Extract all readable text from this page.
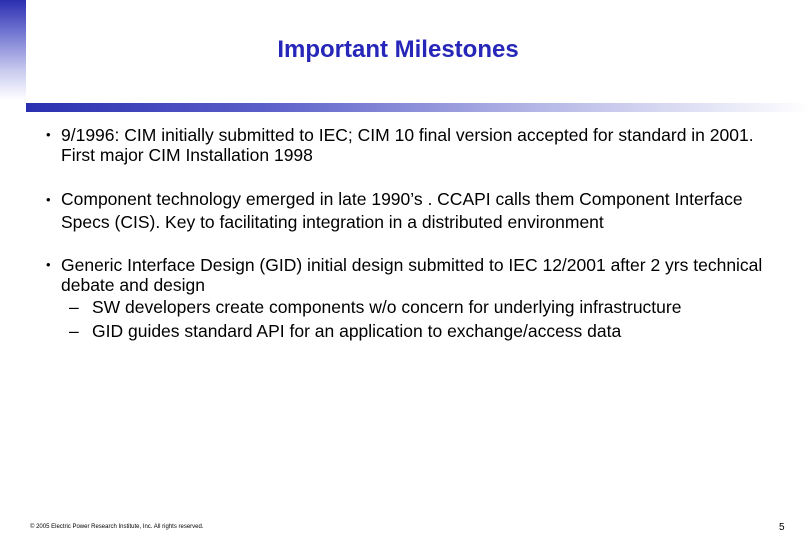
Important Milestones
• 9/1996: CIM initially submitted to IEC; CIM 10 final version accepted for standard in 2001. First major CIM Installation 1998
• Component technology emerged in late 1990’s . CCAPI calls them Component Interface Specs (CIS). Key to facilitating integration in a distributed environment
• Generic Interface Design (GID) initial design submitted to IEC 12/2001 after 2 yrs technical debate and design
– SW developers create components w/o concern for underlying infrastructure
– GID guides standard API for an application to exchange/access data
© 2005 Electric Power Research Institute, Inc. All rights reserved.	5
